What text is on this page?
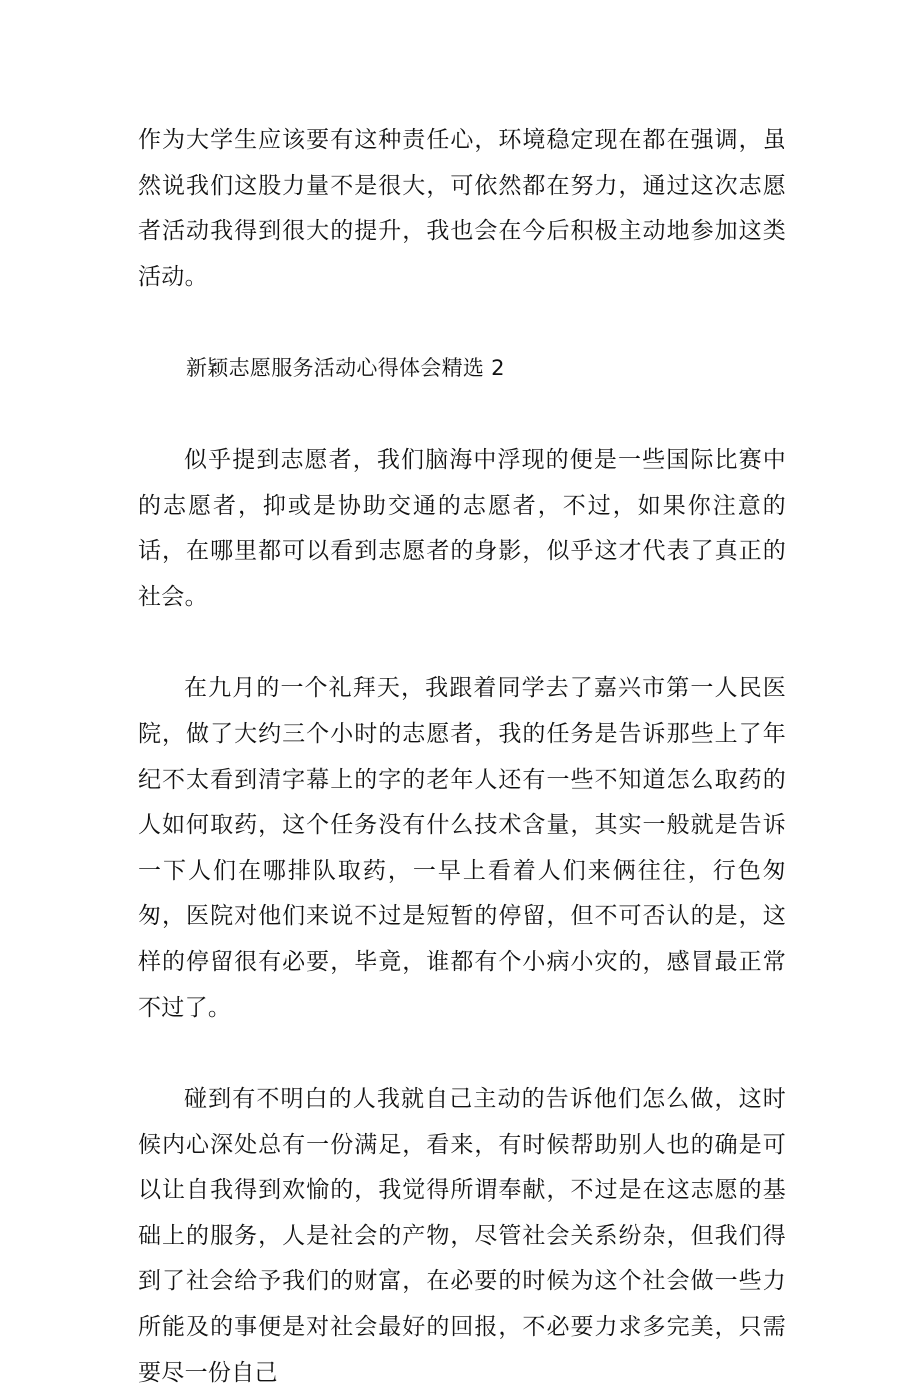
作为大学生应该要有这种责任心，环境稳定现在都在强调，虽然说我们这股力量不是很大，可依然都在努力，通过这次志愿者活动我得到很大的提升，我也会在今后积极主动地参加这类活动。

新颖志愿服务活动心得体会精选 2

似乎提到志愿者，我们脑海中浮现的便是一些国际比赛中的志愿者，抑或是协助交通的志愿者，不过，如果你注意的话，在哪里都可以看到志愿者的身影，似乎这才代表了真正的社会。

在九月的一个礼拜天，我跟着同学去了嘉兴市第一人民医院，做了大约三个小时的志愿者，我的任务是告诉那些上了年纪不太看到清字幕上的字的老年人还有一些不知道怎么取药的人如何取药，这个任务没有什么技术含量，其实一般就是告诉一下人们在哪排队取药，一早上看着人们来俩往往，行色匆匆，医院对他们来说不过是短暂的停留，但不可否认的是，这样的停留很有必要，毕竟，谁都有个小病小灾的，感冒最正常不过了。

碰到有不明白的人我就自己主动的告诉他们怎么做，这时候内心深处总有一份满足，看来，有时候帮助别人也的确是可以让自我得到欢愉的，我觉得所谓奉献，不过是在这志愿的基础上的服务，人是社会的产物，尽管社会关系纷杂，但我们得到了社会给予我们的财富，在必要的时候为这个社会做一些力所能及的事便是对社会最好的回报，不必要力求多完美，只需要尽一份自己
